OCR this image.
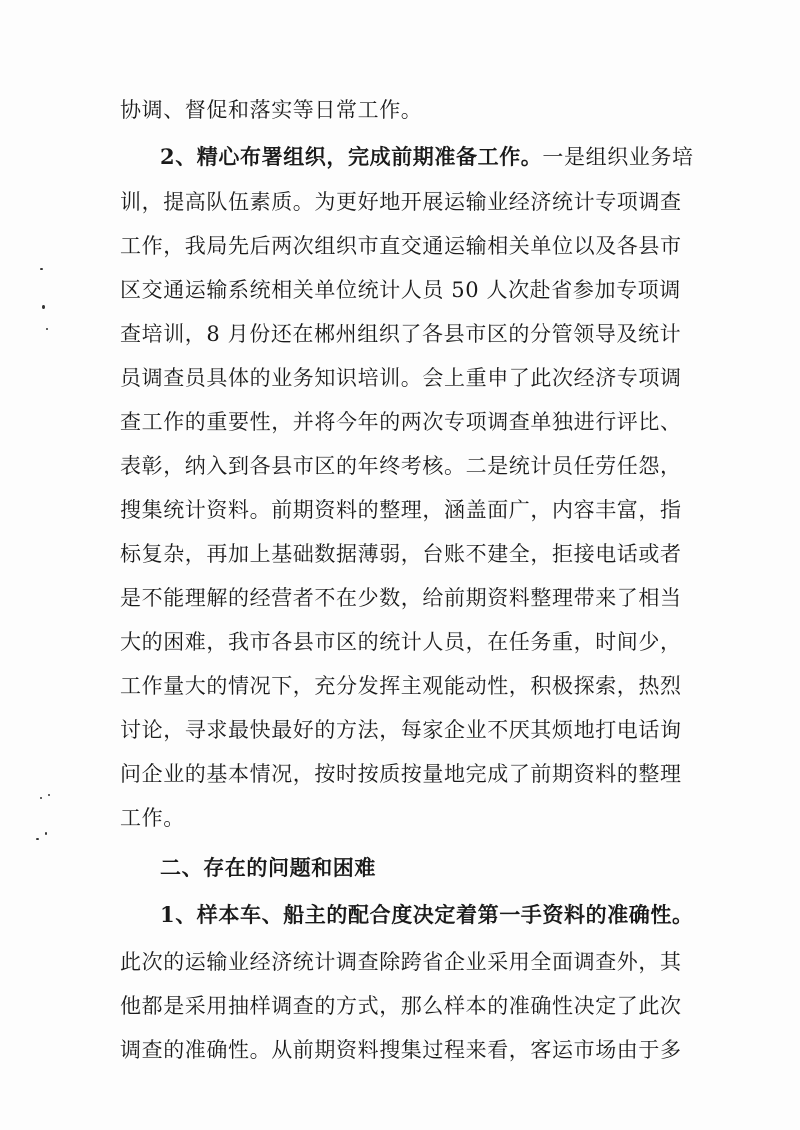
协调、督促和落实等日常工作。
2、精心布署组织，完成前期准备工作。一是组织业务培
训，提高队伍素质。为更好地开展运输业经济统计专项调查
工作，我局先后两次组织市直交通运输相关单位以及各县市
区交通运输系统相关单位统计人员 50 人次赴省参加专项调
查培训，8 月份还在郴州组织了各县市区的分管领导及统计
员调查员具体的业务知识培训。会上重申了此次经济专项调
查工作的重要性，并将今年的两次专项调查单独进行评比、
表彰，纳入到各县市区的年终考核。二是统计员任劳任怨，
搜集统计资料。前期资料的整理，涵盖面广，内容丰富，指
标复杂，再加上基础数据薄弱，台账不建全，拒接电话或者
是不能理解的经营者不在少数，给前期资料整理带来了相当
大的困难，我市各县市区的统计人员，在任务重，时间少，
工作量大的情况下，充分发挥主观能动性，积极探索，热烈
讨论，寻求最快最好的方法，每家企业不厌其烦地打电话询
问企业的基本情况，按时按质按量地完成了前期资料的整理
工作。
二、存在的问题和困难
1、样本车、船主的配合度决定着第一手资料的准确性。
此次的运输业经济统计调查除跨省企业采用全面调查外，其
他都是采用抽样调查的方式，那么样本的准确性决定了此次
调查的准确性。从前期资料搜集过程来看，客运市场由于多
